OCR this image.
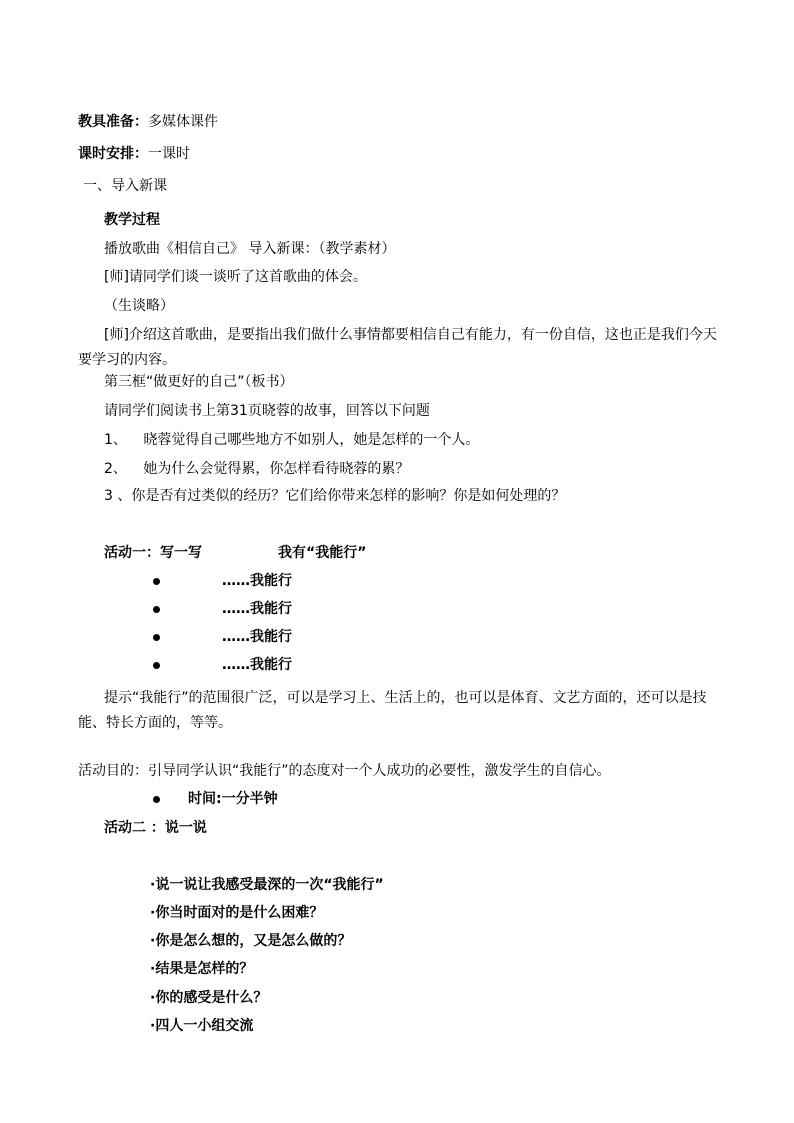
教具准备：多媒体课件
课时安排：一课时
一、导入新课
教学过程
播放歌曲《相信自己》 导入新课：（教学素材）
[师]请同学们谈一谈听了这首歌曲的体会。
（生谈略）
[师]介绍这首歌曲，是要指出我们做什么事情都要相信自己有能力，有一份自信，这也正是我们今天要学习的内容。
第三框“做更好的自己”（板书）
请同学们阅读书上第31页晓蓉的故事，回答以下问题
1、 晓蓉觉得自己哪些地方不如别人，她是怎样的一个人。
2、 她为什么会觉得累，你怎样看待晓蓉的累？
3 、你是否有过类似的经历？它们给你带来怎样的影响？你是如何处理的？
活动一：写一写	我有“我能行”
……我能行
……我能行
……我能行
……我能行
提示“我能行”的范围很广泛，可以是学习上、生活上的，也可以是体育、文艺方面的，还可以是技能、特长方面的，等等。
活动目的：引导同学认识“我能行”的态度对一个人成功的必要性，激发学生的自信心。
时间:一分半钟
活动二 ：说一说
·说一说让我感受最深的一次“我能行”
·你当时面对的是什么困难？
·你是怎么想的，又是怎么做的？
·结果是怎样的？
·你的感受是什么？
·四人一小组交流
